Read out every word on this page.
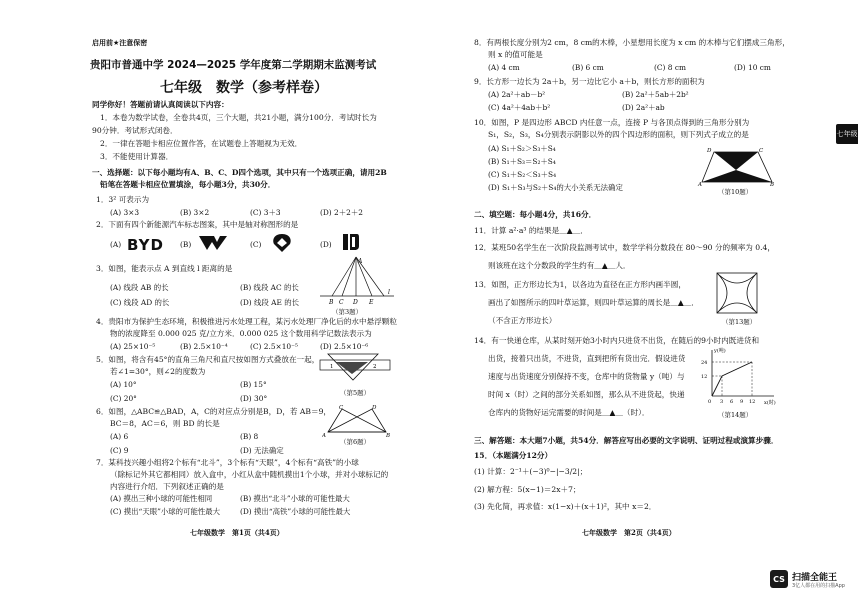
启用前★注意保密
贵阳市普通中学 2024—2025 学年度第二学期期末监测考试
七年级　数学（参考样卷）
同学你好！答题前请认真阅读以下内容：
1．本卷为数学试卷，全卷共4页，三个大题，共21小题，满分100分．考试时长为
90分钟．考试形式闭卷．
2．一律在答题卡相应位置作答，在试题卷上答题视为无效．
3．不能使用计算器．
一、选择题：以下每小题均有A、B、C、D四个选项，其中只有一个选项正确，请用2B
铅笔在答题卡相应位置填涂，每小题3分，共30分．
1．3² 可表示为
(A) 3×3	(B) 3×2	(C) 3＋3	(D) 2＋2＋2
2．下面有四个新能源汽车标志图案，其中是轴对称图形的是
(A) BYD (B)	(C)	(D)
3．如图，能表示点 A 到直线 l 距离的是
(A) 线段 AB 的长	(B) 线段 AC 的长
(C) 线段 AD 的长	(D) 线段 AE 的长
A
B C D E
l
（第3题）
4．贵阳市为保护生态环境，积极推进污水处理工程，某污水处理厂净化后的水中悬浮颗粒
物的浓度降至 0.000 025 克/立方米．0.000 025 这个数用科学记数法表示为
(A) 25×10⁻⁵	(B) 2.5×10⁻⁴	(C) 2.5×10⁻⁵	(D) 2.5×10⁻⁶
5．如图，将含有45°的直角三角尺和直尺按如图方式叠放在一起，
若∠1=30°，则∠2的度数为
(A) 10°	(B) 15°
(C) 20°	(D) 30°
1	2
（第5题）
6．如图，△ABC≌△BAD，A，C的对应点分别是B，D，若 AB＝9，
BC＝8，AC＝6，则 BD 的长是
(A) 6	(B) 8
(C) 9	(D) 无法确定
A	B
C	D
（第6题）
7．某科技兴趣小组将2个标有“北斗”，3个标有“天眼”，4个标有“高铁”的小球
（除标记外其它都相同）放入盒中，小红从盒中随机摸出1个小球，并对小球标记的
内容进行介绍．下列叙述正确的是
(A) 摸出三种小球的可能性相同	(B) 摸出“北斗”小球的可能性最大
(C) 摸出“天眼”小球的可能性最大	(D) 摸出“高铁”小球的可能性最大
七年级数学　第1页（共4页）
8．有两根长度分别为2 cm，8 cm的木棒，小星想用长度为 x cm 的木棒与它们摆成三角形，
则 x 的值可能是
(A) 4 cm	(B) 6 cm	(C) 8 cm	(D) 10 cm
9．长方形一边长为 2a＋b，另一边比它小 a＋b，则长方形的面积为
(A) 2a²＋ab－b²	(B) 2a²＋5ab＋2b²
(C) 4a²＋4ab＋b²	(D) 2a²＋ab
10．如图，P 是四边形 ABCD 内任意一点，连接 P 与各顶点得到的三角形分别为
S₁，S₂，S₃，S₄分别表示阴影以外的四个四边形的面积，则下列式子成立的是
(A) S₁＋S₂＞S₃＋S₄
(B) S₁＋S₃＝S₂＋S₄
(C) S₁＋S₂＜S₃＋S₄
(D) S₁＋S₃与S₂＋S₄的大小关系无法确定	A	B
C
D
（第10题）
七年级
二、填空题：每小题4分，共16分．
11．计算 a²·a³ 的结果是＿▲＿．
12．某班50名学生在一次阶段监测考试中，数学学科分数段在 80～90 分的频率为 0.4，
则该班在这个分数段的学生约有＿▲＿人．
13．如图，正方形边长为1，以各边为直径在正方形内画半圆，
画出了如图所示的四叶草运算，则四叶草运算的周长是＿▲＿．
（不含正方形边长）	（第13题）
14．有一快递仓库，从某时刻开始3小时内只进货不出货，在随后的9小时内既进货和
出货，接着只出货，不进货，直到把所有货出完．假设进货
速度与出货速度分别保持不变，仓库中的货物量 y（吨）与
时间 x（时）之间的部分关系如图，那么从不进货起，快递
仓库内的货物好运完需要的时间是＿▲＿（时）．
y(吨)
x(时)
24
12
0 3 6 9 12
（第14题）
三、解答题：本大题7小题，共54分．解答应写出必要的文字说明、证明过程或演算步骤．
15．（本题满分12分）
(1) 计算：2⁻¹＋(−3)⁰−|−3/2|；
(2) 解方程：5(x−1)＝2x＋7；
(3) 先化简，再求值：x(1−x)＋(x＋1)²，其中 x＝2．
七年级数学　第2页（共4页）
CS 扫描全能王
3亿人都在用的扫描App
